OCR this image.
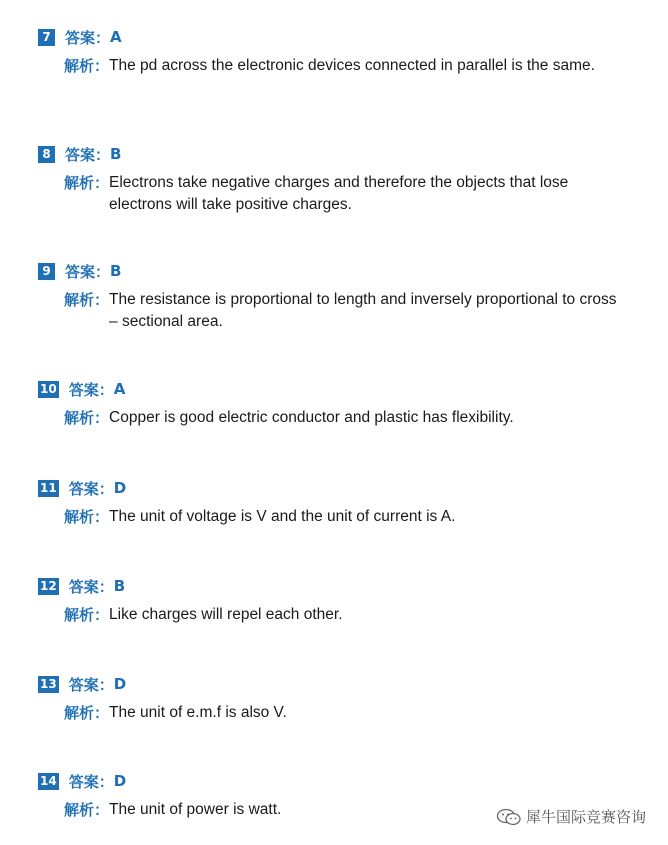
7 答案： A
解析： The pd across the electronic devices connected in parallel is the same.
8 答案： B
解析： Electrons take negative charges and therefore the objects that lose electrons will take positive charges.
9 答案： B
解析： The resistance is proportional to length and inversely proportional to cross – sectional area.
10 答案： A
解析： Copper is good electric conductor and plastic has flexibility.
11 答案： D
解析： The unit of voltage is V and the unit of current is A.
12 答案： B
解析： Like charges will repel each other.
13 答案： D
解析： The unit of e.m.f is also V.
14 答案： D
解析： The unit of power is watt.	犀牛国际竞赛咨询
